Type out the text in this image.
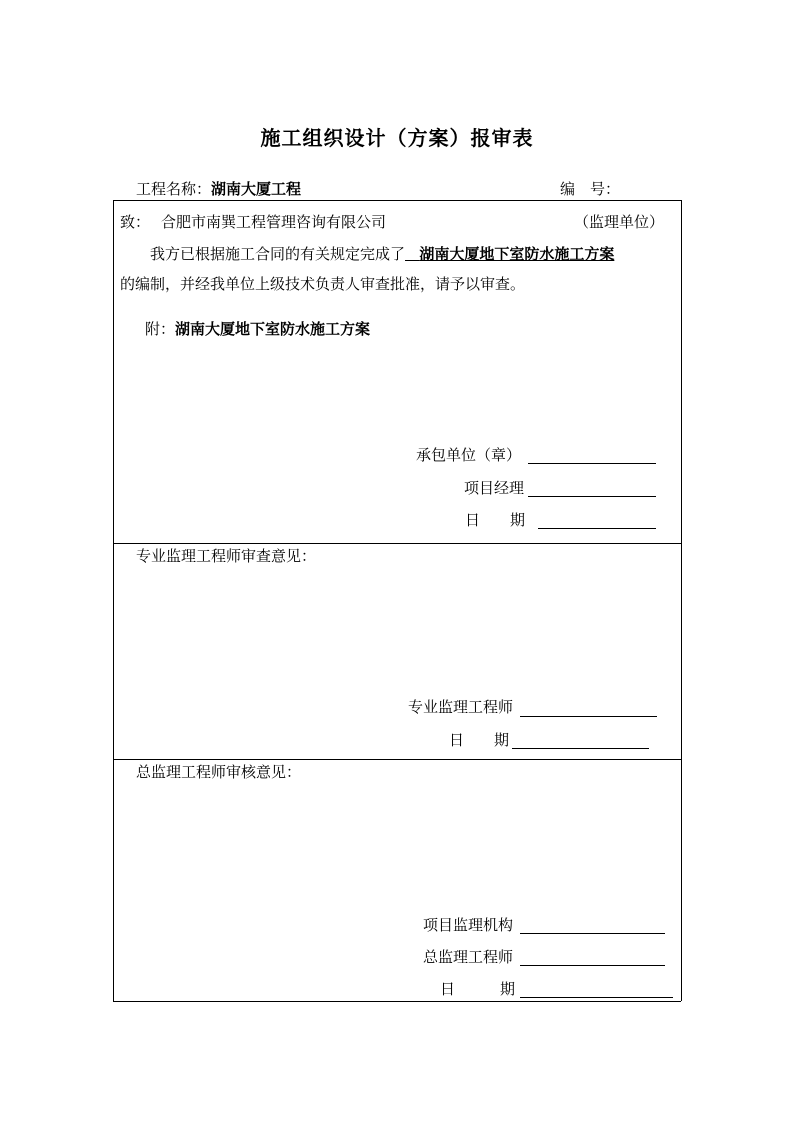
施工组织设计（方案）报审表
工程名称：湖南大厦工程	编　号：
致： 合肥市南巽工程管理咨询有限公司	（监理单位）
我方已根据施工合同的有关规定完成了 湖南大厦地下室防水施工方案
的编制，并经我单位上级技术负责人审查批准，请予以审查。
附：湖南大厦地下室防水施工方案
承包单位（章）
项目经理
日　　期
专业监理工程师审查意见：
专业监理工程师
日　　期
总监理工程师审核意见：
项目监理机构
总监理工程师
日　　　期
